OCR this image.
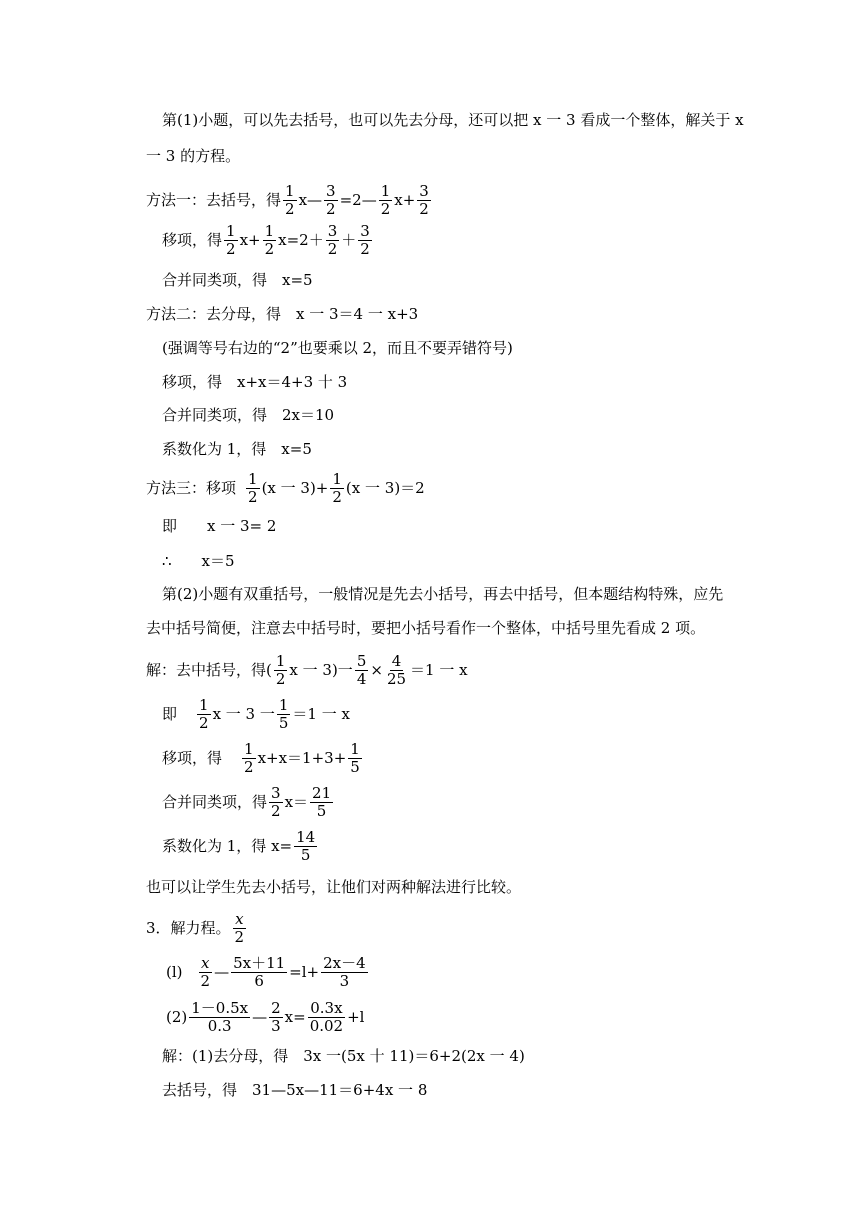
第(1)小题，可以先去括号，也可以先去分母，还可以把 x 一 3 看成一个整体，解关于 x
一 3 的方程。
方法一：去括号，得 $\frac{1}{2}$ x— $\frac{3}{2}$ =2— $\frac{1}{2} x+ \frac{3}{2}$
移项，得 $\frac{1}{2} x+ \frac{1}{2} x=2+ \frac{3}{2} + \frac{3}{2}$
合并同类项，得　x=5
方法二：去分母，得　x 一 3＝4 一 x+3
(强调等号右边的“2”也要乘以 2，而且不要弄错符号)
移项，得　x+x＝4+3 十 3
合并同类项，得　2x＝10
系数化为 1，得　x=5
方法三：移项 $\frac{1}{2} (x$ 一 $3)+ \frac{1}{2} (x$ 一 3)＝2
即　　x 一 3= 2
∴　　x＝5
第(2)小题有双重括号，一般情况是先去小括号，再去中括号，但本题结构特殊，应先
去中括号简便，注意去中括号时，要把小括号看作一个整体，中括号里先看成 2 项。
解：去中括号，得( $\frac{1}{2}$ x 一 3)一 $\frac{5}{4} \times \frac{4}{25} =1$ 一 x
即 $\frac{1}{2}$ x 一 3 一 $\frac{1}{5} =1$ 一 x
移项，得 $\frac{1}{2} x+x=1+3+ \frac{1}{5}$
合并同类项，得 $\frac{3}{2} x= \frac{21}{5}$
系数化为 1，得 $x= \frac{14}{5}$
也可以让学生先去小括号，让他们对两种解法进行比较。
3．解力程。 $\frac{x}{2}$
$(l) \frac{x}{2}$ — $\frac{5x+11}{6} =l+ \frac{2x-4}{3}$
$(2) \frac{1-0.5x}{0.3}$ — $\frac{2}{3} x= \frac{0.3x}{0.02} +l$
解：(1)去分母，得　3x 一(5x 十 11)＝6+2(2x 一 4)
去括号，得　31—5x—11＝6+4x 一 8
